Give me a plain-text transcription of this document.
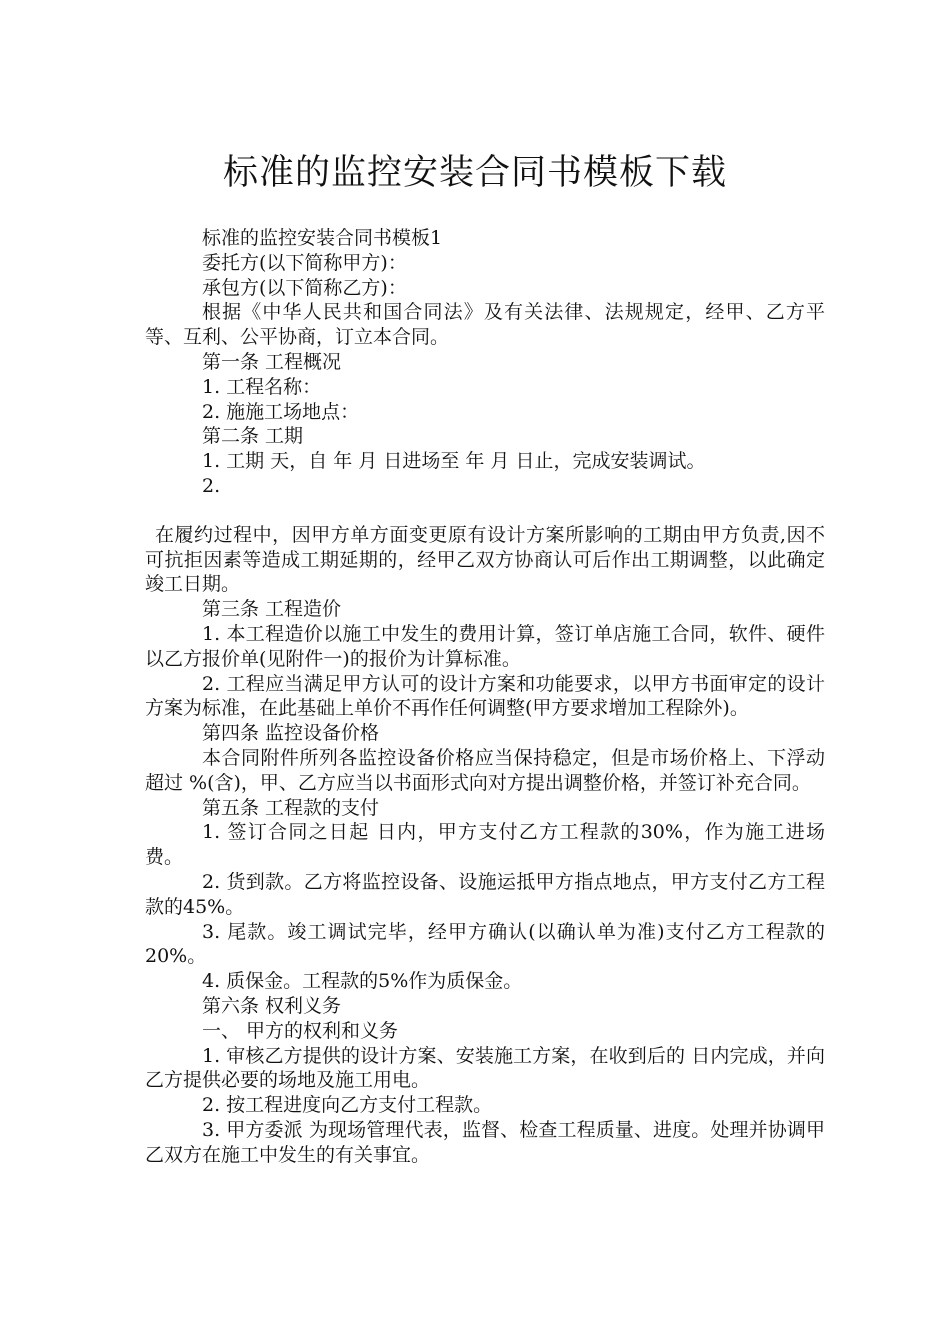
标准的监控安装合同书模板下载

标准的监控安装合同书模板1

委托方(以下简称甲方)：

承包方(以下简称乙方)：

根据《中华人民共和国合同法》及有关法律、法规规定，经甲、乙方平等、互利、公平协商，订立本合同。

第一条 工程概况

1. 工程名称：

2. 施施工场地点：

第二条 工期

1. 工期 天，自 年 月 日进场至 年 月 日止，完成安装调试。

2.

在履约过程中，因甲方单方面变更原有设计方案所影响的工期由甲方负责,因不可抗拒因素等造成工期延期的，经甲乙双方协商认可后作出工期调整，以此确定竣工日期。

第三条 工程造价

1. 本工程造价以施工中发生的费用计算，签订单店施工合同，软件、硬件以乙方报价单(见附件一)的报价为计算标准。

2. 工程应当满足甲方认可的设计方案和功能要求，以甲方书面审定的设计方案为标准，在此基础上单价不再作任何调整(甲方要求增加工程除外)。

第四条 监控设备价格

本合同附件所列各监控设备价格应当保持稳定，但是市场价格上、下浮动超过 %(含)，甲、乙方应当以书面形式向对方提出调整价格，并签订补充合同。

第五条 工程款的支付

1. 签订合同之日起 日内，甲方支付乙方工程款的30%，作为施工进场费。

2. 货到款。乙方将监控设备、设施运抵甲方指点地点，甲方支付乙方工程款的45%。

3. 尾款。竣工调试完毕，经甲方确认(以确认单为准)支付乙方工程款的20%。

4. 质保金。工程款的5%作为质保金。

第六条 权利义务

一、 甲方的权利和义务

1. 审核乙方提供的设计方案、安装施工方案，在收到后的 日内完成，并向乙方提供必要的场地及施工用电。

2. 按工程进度向乙方支付工程款。

3. 甲方委派 为现场管理代表，监督、检查工程质量、进度。处理并协调甲乙双方在施工中发生的有关事宜。
